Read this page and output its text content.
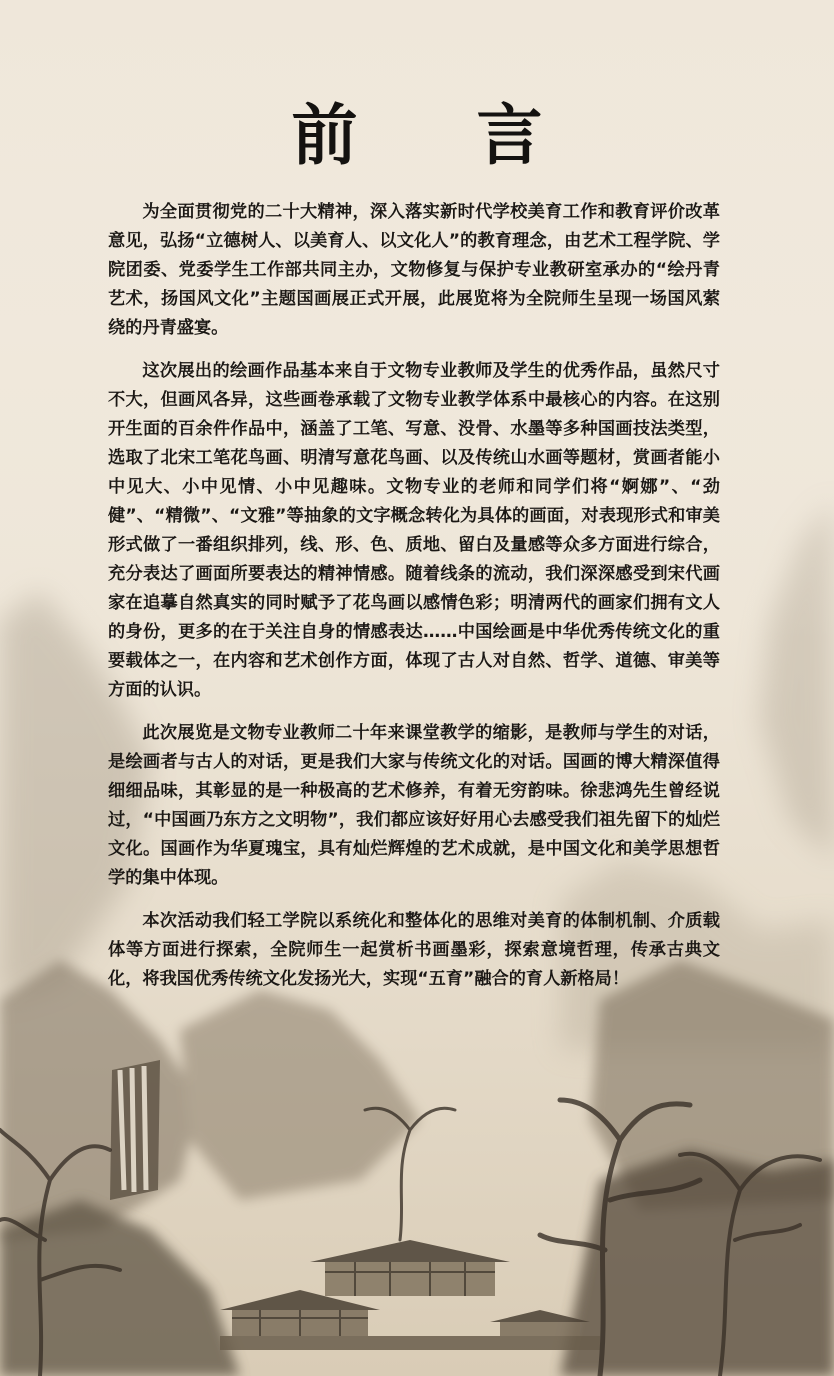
前 言

为全面贯彻党的二十大精神，深入落实新时代学校美育工作和教育评价改革意见，弘扬“立德树人、以美育人、以文化人”的教育理念，由艺术工程学院、学院团委、党委学生工作部共同主办，文物修复与保护专业教研室承办的“绘丹青艺术，扬国风文化”主题国画展正式开展，此展览将为全院师生呈现一场国风萦绕的丹青盛宴。

这次展出的绘画作品基本来自于文物专业教师及学生的优秀作品，虽然尺寸不大，但画风各异，这些画卷承载了文物专业教学体系中最核心的内容。在这别开生面的百余件作品中，涵盖了工笔、写意、没骨、水墨等多种国画技法类型，选取了北宋工笔花鸟画、明清写意花鸟画、以及传统山水画等题材，赏画者能小中见大、小中见情、小中见趣味。文物专业的老师和同学们将“婀娜”、“劲健”、“精微”、“文雅”等抽象的文字概念转化为具体的画面，对表现形式和审美形式做了一番组织排列，线、形、色、质地、留白及量感等众多方面进行综合，充分表达了画面所要表达的精神情感。随着线条的流动，我们深深感受到宋代画家在追摹自然真实的同时赋予了花鸟画以感情色彩；明清两代的画家们拥有文人的身份，更多的在于关注自身的情感表达……中国绘画是中华优秀传统文化的重要载体之一，在内容和艺术创作方面，体现了古人对自然、哲学、道德、审美等方面的认识。

此次展览是文物专业教师二十年来课堂教学的缩影，是教师与学生的对话，是绘画者与古人的对话，更是我们大家与传统文化的对话。国画的博大精深值得细细品味，其彰显的是一种极高的艺术修养，有着无穷韵味。徐悲鸿先生曾经说过，“中国画乃东方之文明物”，我们都应该好好用心去感受我们祖先留下的灿烂文化。国画作为华夏瑰宝，具有灿烂辉煌的艺术成就，是中国文化和美学思想哲学的集中体现。

本次活动我们轻工学院以系统化和整体化的思维对美育的体制机制、介质载体等方面进行探索，全院师生一起赏析书画墨彩，探索意境哲理，传承古典文化，将我国优秀传统文化发扬光大，实现“五育”融合的育人新格局！
